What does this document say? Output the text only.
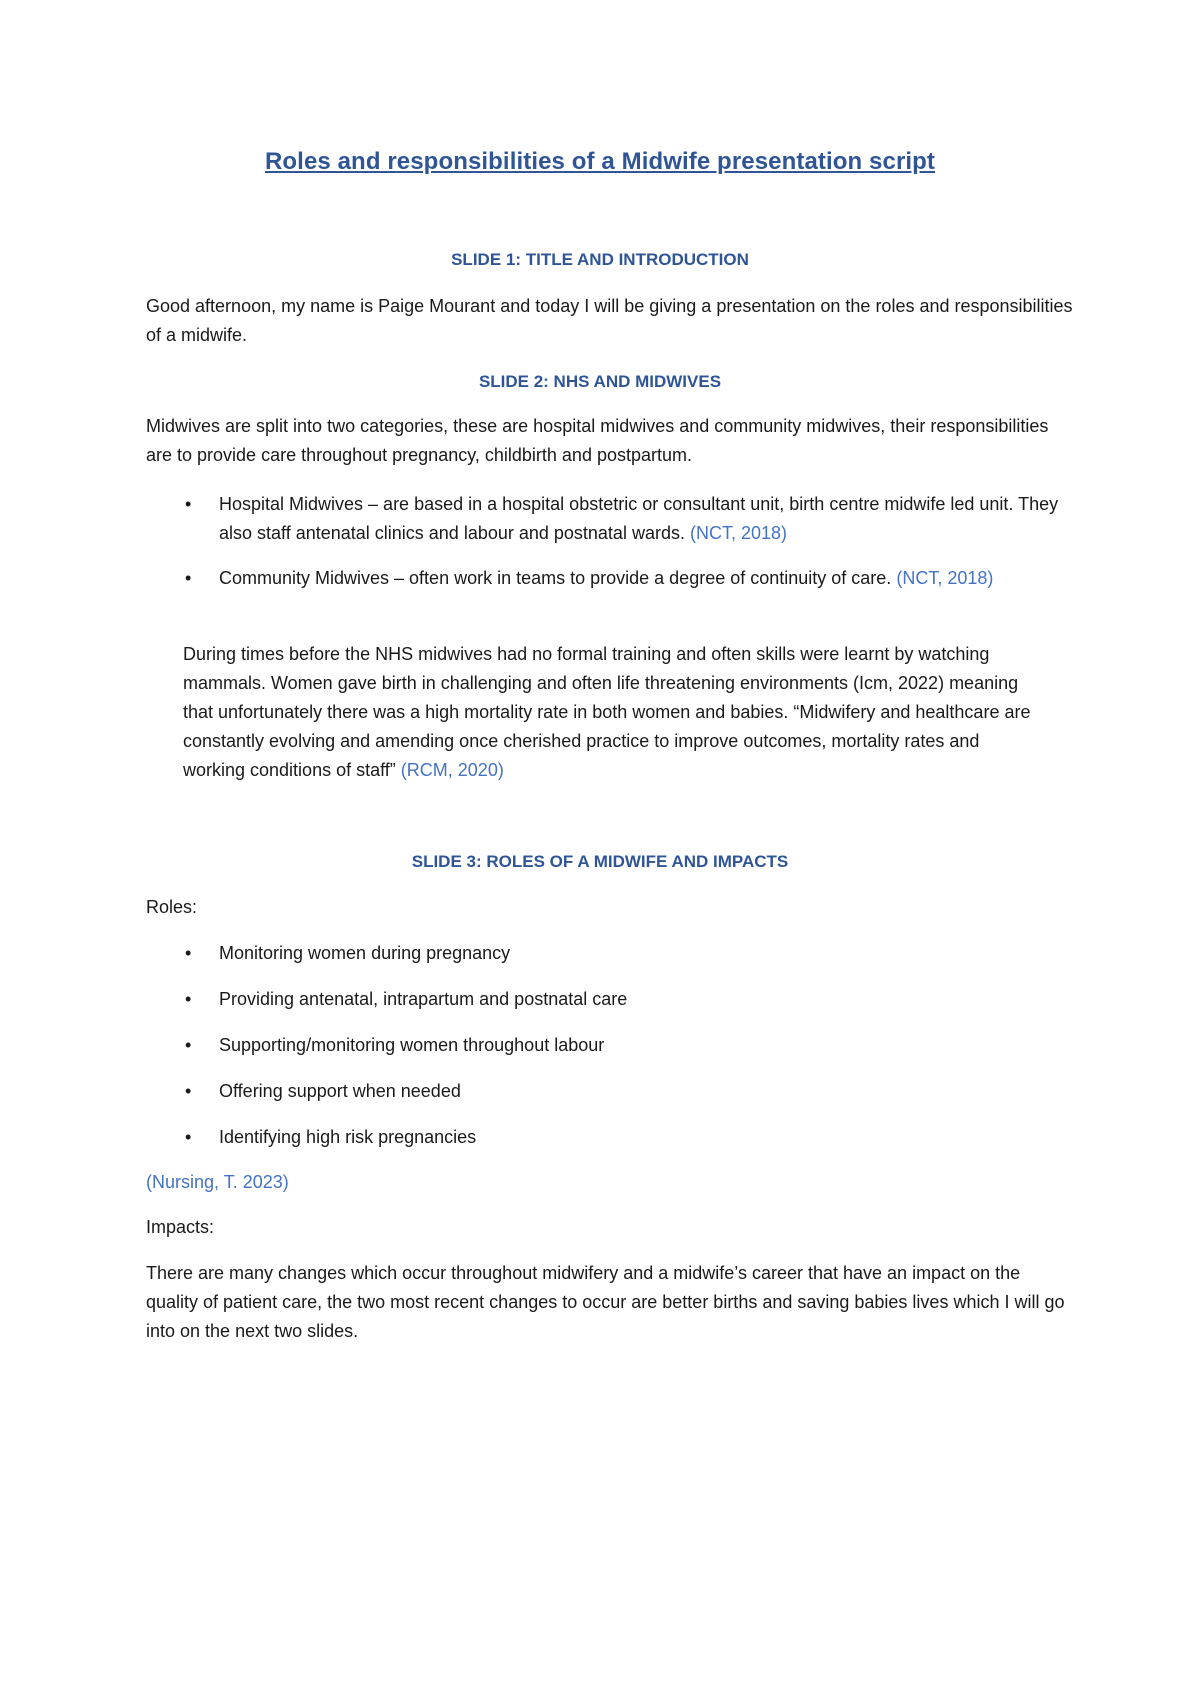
Roles and responsibilities of a Midwife presentation script
SLIDE 1: TITLE AND INTRODUCTION

Good afternoon, my name is Paige Mourant and today I will be giving a presentation on the roles and responsibilities of a midwife.

SLIDE 2: NHS AND MIDWIVES

Midwives are split into two categories, these are hospital midwives and community midwives, their responsibilities are to provide care throughout pregnancy, childbirth and postpartum.

•	Hospital Midwives – are based in a hospital obstetric or consultant unit, birth centre midwife led unit. They also staff antenatal clinics and labour and postnatal wards. (NCT, 2018)
•	Community Midwives – often work in teams to provide a degree of continuity of care. (NCT, 2018)

During times before the NHS midwives had no formal training and often skills were learnt by watching mammals. Women gave birth in challenging and often life threatening environments (Icm, 2022) meaning that unfortunately there was a high mortality rate in both women and babies. “Midwifery and healthcare are constantly evolving and amending once cherished practice to improve outcomes, mortality rates and working conditions of staff” (RCM, 2020)

SLIDE 3: ROLES OF A MIDWIFE AND IMPACTS

Roles:

•	Monitoring women during pregnancy
•	Providing antenatal, intrapartum and postnatal care
•	Supporting/monitoring women throughout labour
•	Offering support when needed
•	Identifying high risk pregnancies

(Nursing, T. 2023)

Impacts:

There are many changes which occur throughout midwifery and a midwife’s career that have an impact on the quality of patient care, the two most recent changes to occur are better births and saving babies lives which I will go into on the next two slides.
